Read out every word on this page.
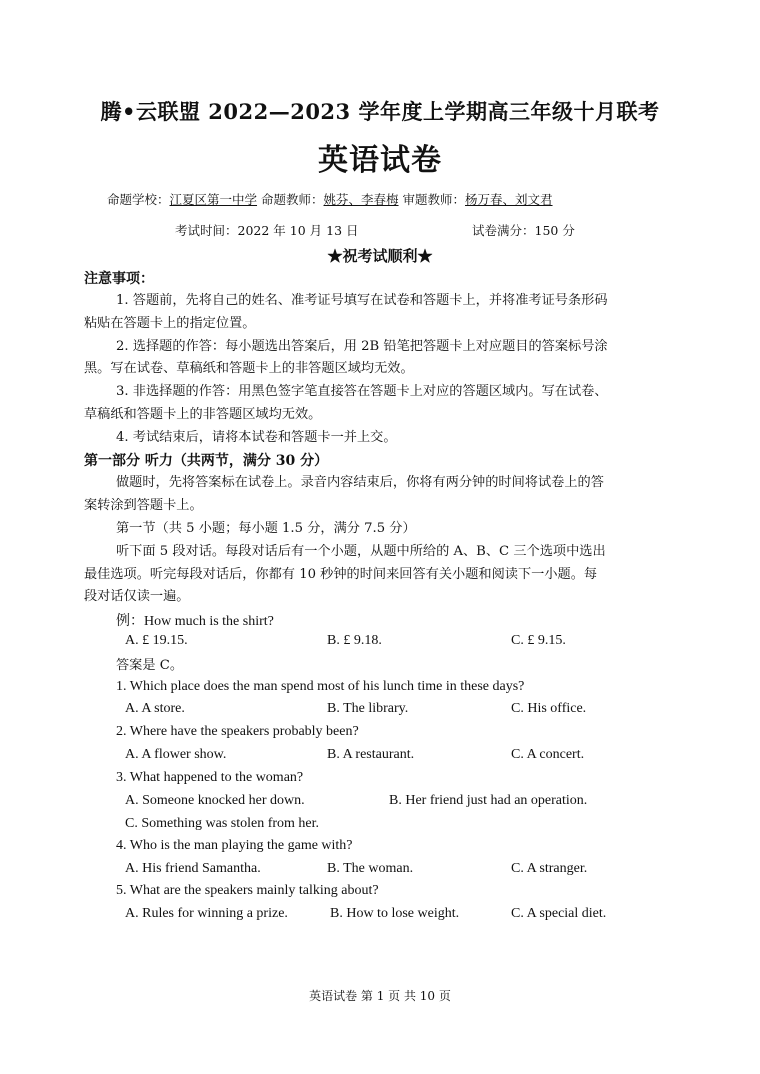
腾•云联盟 2022—2023 学年度上学期高三年级十月联考
英语试卷
命题学校：江夏区第一中学 命题教师：姚芬、李春梅 审题教师：杨万春、刘文君
考试时间：2022 年 10 月 13 日	试卷满分：150 分
★祝考试顺利★
注意事项：
1. 答题前，先将自己的姓名、准考证号填写在试卷和答题卡上，并将准考证号条形码
粘贴在答题卡上的指定位置。
2. 选择题的作答：每小题选出答案后，用 2B 铅笔把答题卡上对应题目的答案标号涂
黑。写在试卷、草稿纸和答题卡上的非答题区域均无效。
3. 非选择题的作答：用黑色签字笔直接答在答题卡上对应的答题区域内。写在试卷、
草稿纸和答题卡上的非答题区域均无效。
4. 考试结束后，请将本试卷和答题卡一并上交。
第一部分 听力（共两节，满分 30 分）
做题时，先将答案标在试卷上。录音内容结束后，你将有两分钟的时间将试卷上的答
案转涂到答题卡上。
第一节（共 5 小题；每小题 1.5 分，满分 7.5 分）
听下面 5 段对话。每段对话后有一个小题，从题中所给的 A、B、C 三个选项中选出
最佳选项。听完每段对话后，你都有 10 秒钟的时间来回答有关小题和阅读下一小题。每
段对话仅读一遍。
例：How much is the shirt?
A. £ 19.15.	B. £ 9.18.	C. £ 9.15.
答案是 C。
1. Which place does the man spend most of his lunch time in these days?
A. A store.	B. The library.	C. His office.
2. Where have the speakers probably been?
A. A flower show.	B. A restaurant.	C. A concert.
3. What happened to the woman?
A. Someone knocked her down.	B. Her friend just had an operation.
C. Something was stolen from her.
4. Who is the man playing the game with?
A. His friend Samantha.	B. The woman.	C. A stranger.
5. What are the speakers mainly talking about?
A. Rules for winning a prize.	B. How to lose weight.	C. A special diet.
英语试卷 第 1 页 共 10 页
